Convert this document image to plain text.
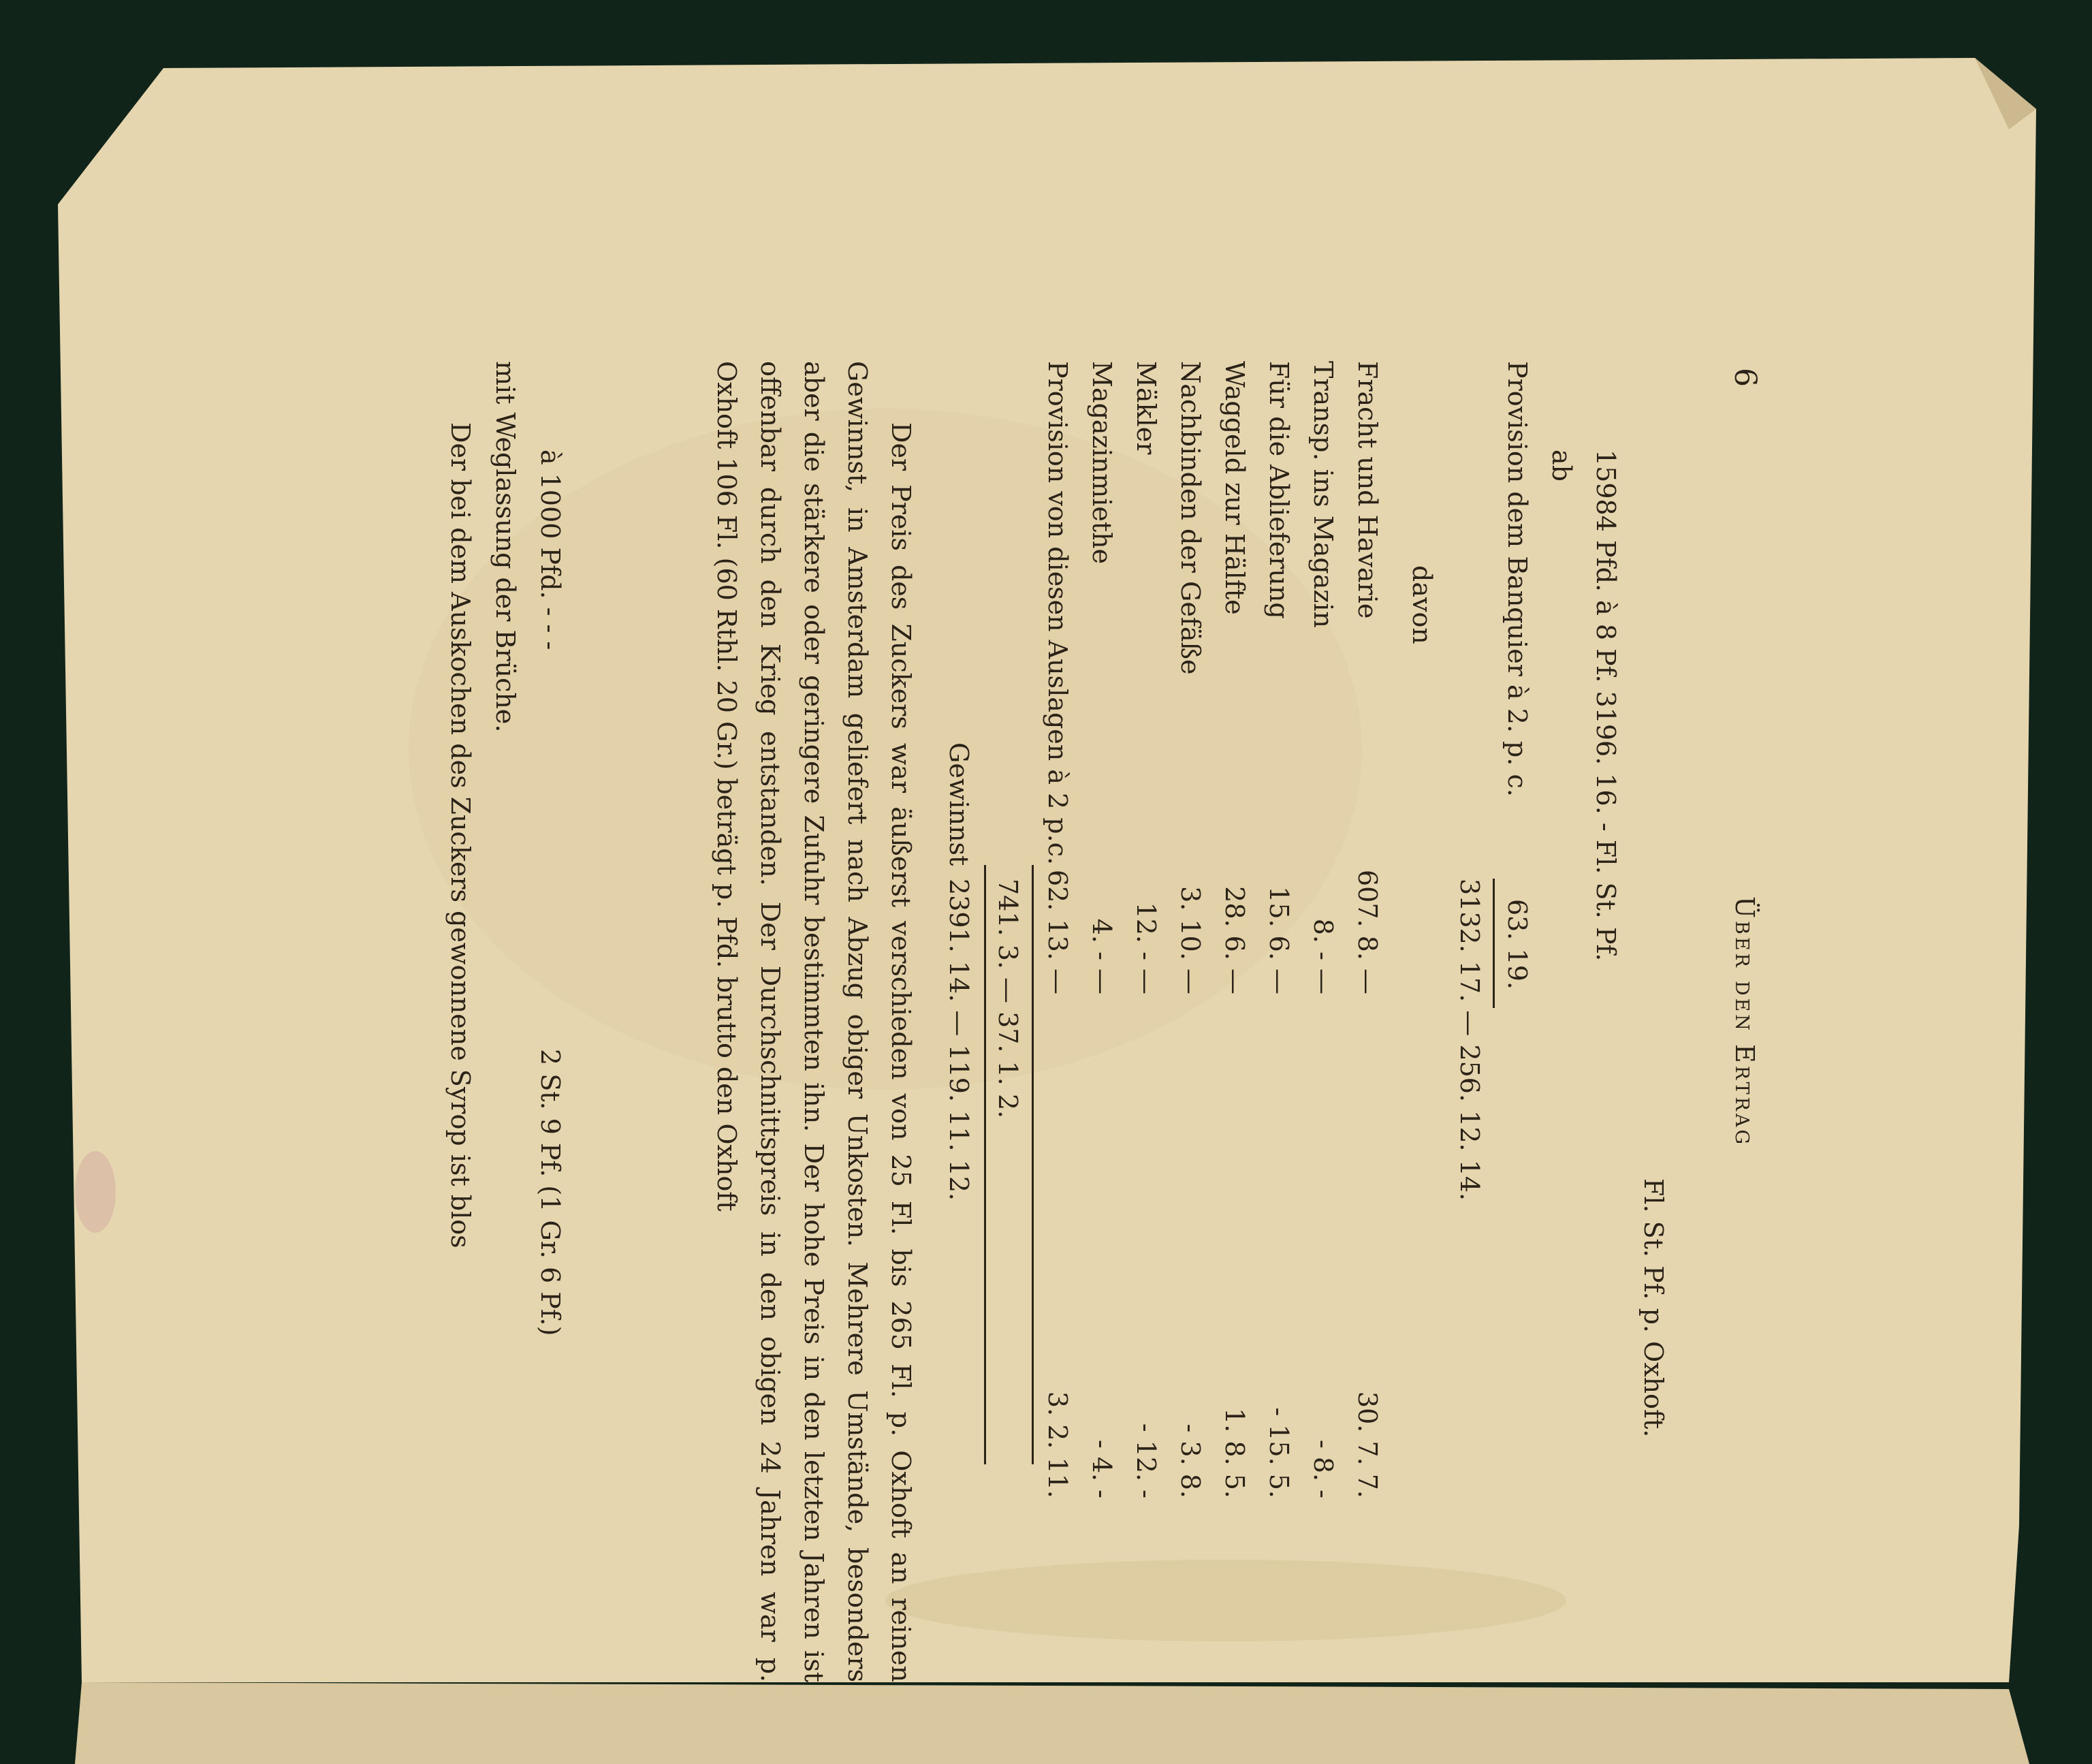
6
Über den Ertrag
Fl. St. Pf. p. Oxhoft.
15984 Pfd. à 8 Pf. 3196. 16. - Fl. St. Pf.
ab
Provision dem Banquier à 2. p. c.
63. 19.
3132. 17. — 256. 12. 14.
davon
Fracht und Havarie
607. 8. —
30. 7. 7.
Transp. ins Magazin
8. - —
- 8. -
Für die Ablieferung
15. 6. —
- 15. 5.
Waggeld zur Hälfte
28. 6. —
1. 8. 5.
Nachbinden der Gefäße
3. 10. —
- 3. 8.
Mäkler
12. - —
- 12. -
Magazinmiethe
4. - —
- 4. -
Provision von diesen Auslagen à 2 p.c.
62. 13. —
3. 2. 11.
741. 3. — 37. 1. 2.
Gewinnst
2391. 14. — 119. 11. 12.

Der Preis des Zuckers war äußerst verschieden von 25 Fl. bis 265 Fl. p. Oxhoft an reinen Gewinnst, in Amsterdam geliefert nach Abzug obiger Unkosten. Mehrere Umstände, besonders aber die stärkere oder geringere Zufuhr bestimmten ihn. Der hohe Preis in den letzten Jahren ist offenbar durch den Krieg entstanden. Der Durchschnittspreis in den obigen 24 Jahren war p. Oxhoft 106 Fl. (60 Rthl. 20 Gr.) beträgt p. Pfd. brutto den Oxhoft

à 1000 Pfd. - - -
2 St. 9 Pf. (1 Gr. 6 Pf.)
mit Weglassung der Brüche.
Der bei dem Auskochen des Zuckers gewonnene Syrop ist blos
